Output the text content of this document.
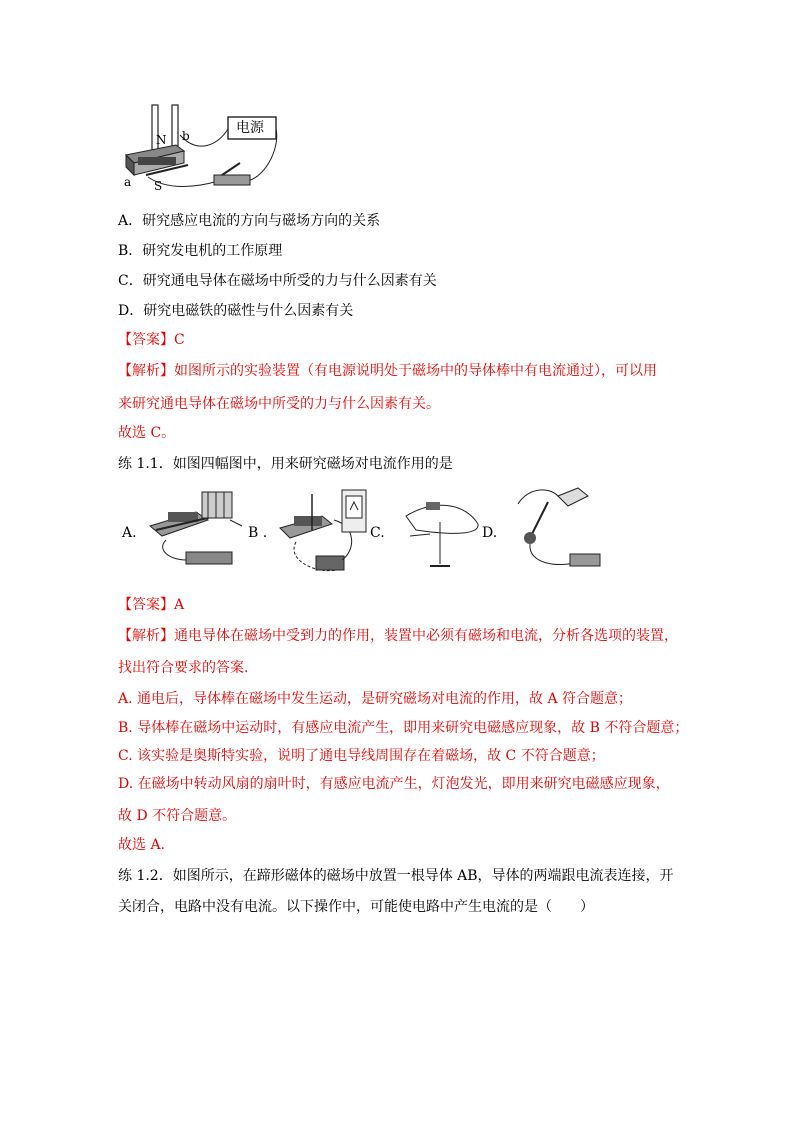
N b
a S
电源
A．研究感应电流的方向与磁场方向的关系
B．研究发电机的工作原理
C．研究通电导体在磁场中所受的力与什么因素有关
D．研究电磁铁的磁性与什么因素有关
【答案】C
【解析】如图所示的实验装置（有电源说明处于磁场中的导体棒中有电流通过），可以用
来研究通电导体在磁场中所受的力与什么因素有关。
故选 C。
练 1.1．如图四幅图中，用来研究磁场对电流作用的是
A.	B .	C.	D.
【答案】A
【解析】通电导体在磁场中受到力的作用，装置中必须有磁场和电流，分析各选项的装置，
找出符合要求的答案.
A. 通电后，导体棒在磁场中发生运动，是研究磁场对电流的作用，故 A 符合题意；
B. 导体棒在磁场中运动时，有感应电流产生，即用来研究电磁感应现象，故 B 不符合题意；
C. 该实验是奥斯特实验，说明了通电导线周围存在着磁场，故 C 不符合题意；
D. 在磁场中转动风扇的扇叶时，有感应电流产生，灯泡发光，即用来研究电磁感应现象，
故 D 不符合题意。
故选 A.
练 1.2．如图所示，在蹄形磁体的磁场中放置一根导体 AB，导体的两端跟电流表连接，开
关闭合，电路中没有电流。以下操作中，可能使电路中产生电流的是（　　）
